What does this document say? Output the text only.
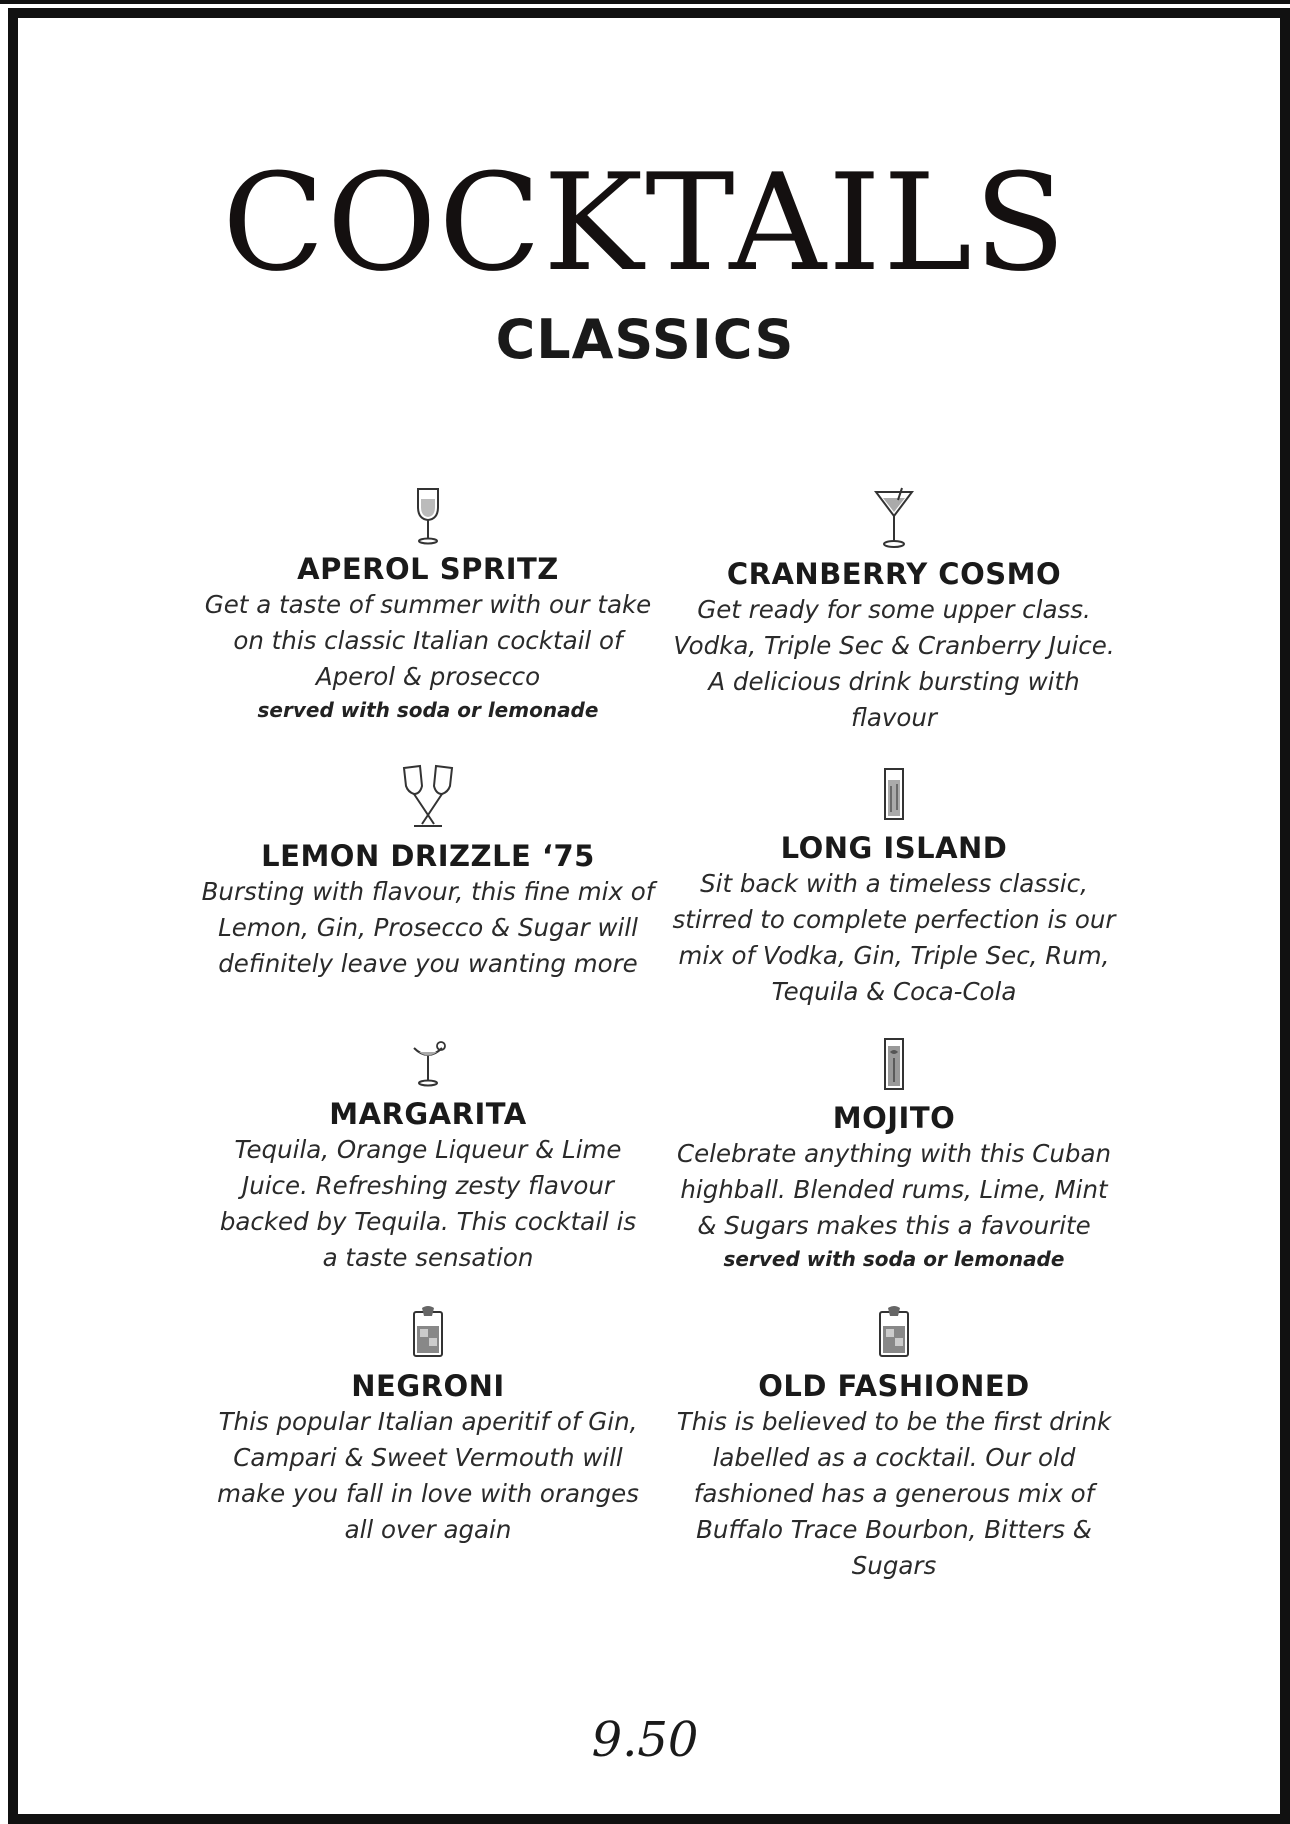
COCKTAILS
CLASSICS
APEROL SPRITZ
Get a taste of summer with our take
on this classic Italian cocktail of
Aperol & prosecco
served with soda or lemonade
CRANBERRY COSMO
Get ready for some upper class.
Vodka, Triple Sec & Cranberry Juice.
A delicious drink bursting with
flavour
LEMON DRIZZLE ‘75
Bursting with flavour, this fine mix of
Lemon, Gin, Prosecco & Sugar will
definitely leave you wanting more
LONG ISLAND
Sit back with a timeless classic,
stirred to complete perfection is our
mix of Vodka, Gin, Triple Sec, Rum,
Tequila & Coca-Cola
MARGARITA
Tequila, Orange Liqueur & Lime
Juice. Refreshing zesty flavour
backed by Tequila. This cocktail is
a taste sensation
MOJITO
Celebrate anything with this Cuban
highball. Blended rums, Lime, Mint
& Sugars makes this a favourite
served with soda or lemonade
NEGRONI
This popular Italian aperitif of Gin,
Campari & Sweet Vermouth will
make you fall in love with oranges
all over again
OLD FASHIONED
This is believed to be the first drink
labelled as a cocktail. Our old
fashioned has a generous mix of
Buffalo Trace Bourbon, Bitters &
Sugars
9.50
